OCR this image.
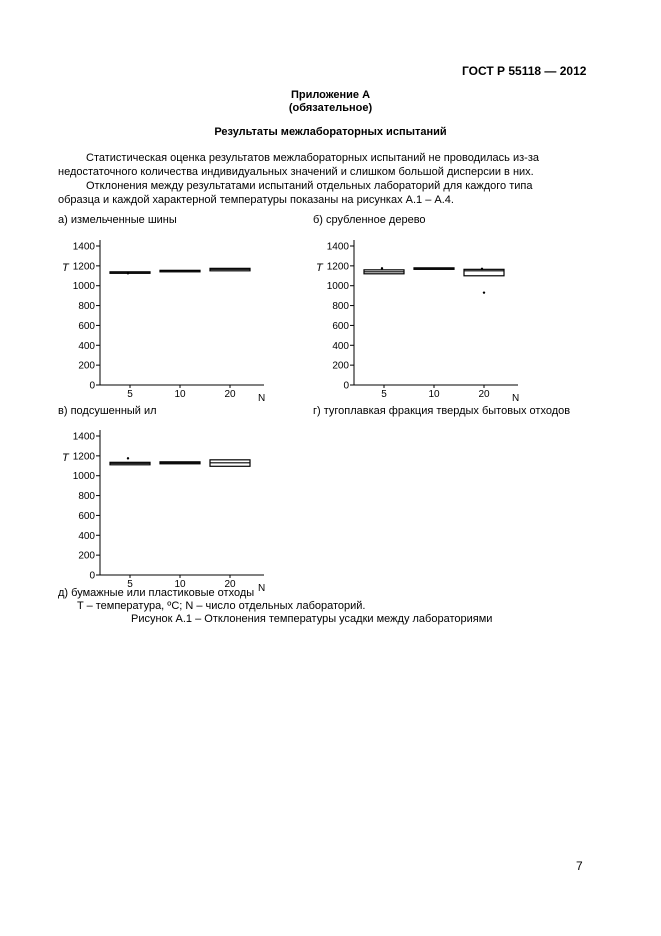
ГОСТ Р 55118 — 2012
Приложение А
(обязательное)
Результаты межлабораторных испытаний
Статистическая оценка результатов межлабораторных испытаний не проводилась из-за
недостаточного количества индивидуальных значений и слишком большой дисперсии в них.
Отклонения между результатами испытаний отдельных лабораторий для каждого типа
образца и каждой характерной температуры показаны на рисунках А.1 – А.4.
а) измельченные шины	б) срубленное дерево
в) подсушенный ил	г) тугоплавкая фракция твердых бытовых отходов
0
200
400
600
800
1000
1200
1400
T
5	10	20 N
0
200
400
600
800
1000
1200
1400
T
5	10	20 N
0
200
400
600
800
1000
1200
1400
T
5	10	20 N
д) бумажные или пластиковые отходы
T – температура, ºC; N – число отдельных лабораторий.
Рисунок А.1 – Отклонения температуры усадки между лабораториями
7
